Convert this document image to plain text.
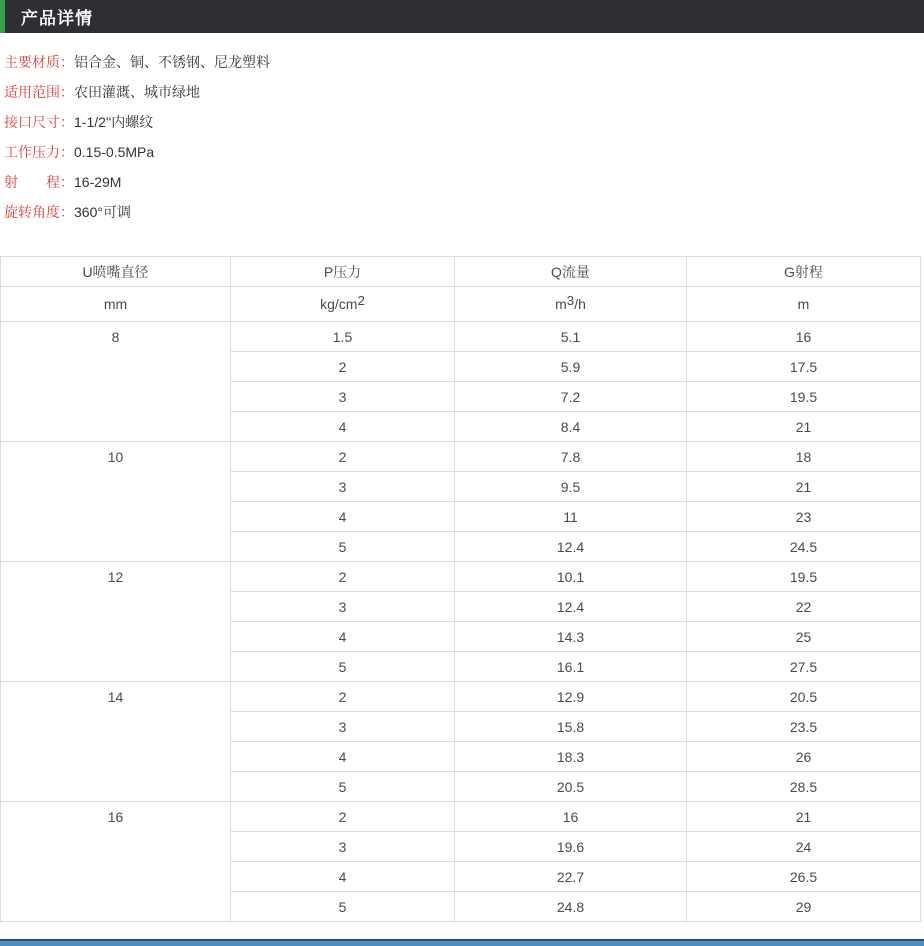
产品详情
主要材质：铝合金、铜、不锈钢、尼龙塑料
适用范围：农田灌溉、城市绿地
接口尺寸：1-1/2''内螺纹
工作压力：0.15-0.5MPa
射　　程：16-29M
旋转角度：360°可调
U喷嘴直径	P压力	Q流量	G射程
mm	$kg/cm^2$	$m^3/h$	m
8	1.5	5.1	16
	2	5.9	17.5
	3	7.2	19.5
	4	8.4	21
10	2	7.8	18
	3	9.5	21
	4	11	23
	5	12.4	24.5
12	2	10.1	19.5
	3	12.4	22
	4	14.3	25
	5	16.1	27.5
14	2	12.9	20.5
	3	15.8	23.5
	4	18.3	26
	5	20.5	28.5
16	2	16	21
	3	19.6	24
	4	22.7	26.5
	5	24.8	29
